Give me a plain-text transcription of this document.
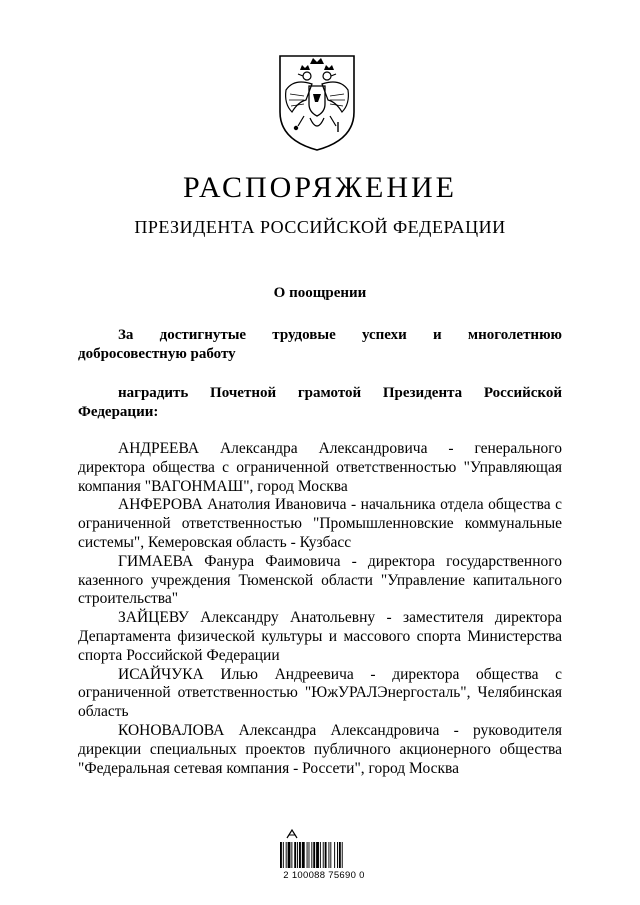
РАСПОРЯЖЕНИЕ
ПРЕЗИДЕНТА РОССИЙСКОЙ ФЕДЕРАЦИИ
О поощрении
За достигнутые трудовые успехи и многолетнюю добросовестную работу
наградить Почетной грамотой Президента Российской Федерации:

АНДРЕЕВА Александра Александровича - генерального директора общества с ограниченной ответственностью "Управляющая компания "ВАГОНМАШ", город Москва

АНФЕРОВА Анатолия Ивановича - начальника отдела общества с ограниченной ответственностью "Промышленновские коммунальные системы", Кемеровская область - Кузбасс

ГИМАЕВА Фанура Фаимовича - директора государственного казенного учреждения Тюменской области "Управление капитального строительства"

ЗАЙЦЕВУ Александру Анатольевну - заместителя директора Департамента физической культуры и массового спорта Министерства спорта Российской Федерации

ИСАЙЧУКА Илью Андреевича - директора общества с ограниченной ответственностью "ЮжУРАЛЭнергосталь", Челябинская область

КОНОВАЛОВА Александра Александровича - руководителя дирекции специальных проектов публичного акционерного общества "Федеральная сетевая компания - Россети", город Москва

2 100088 75690 0
